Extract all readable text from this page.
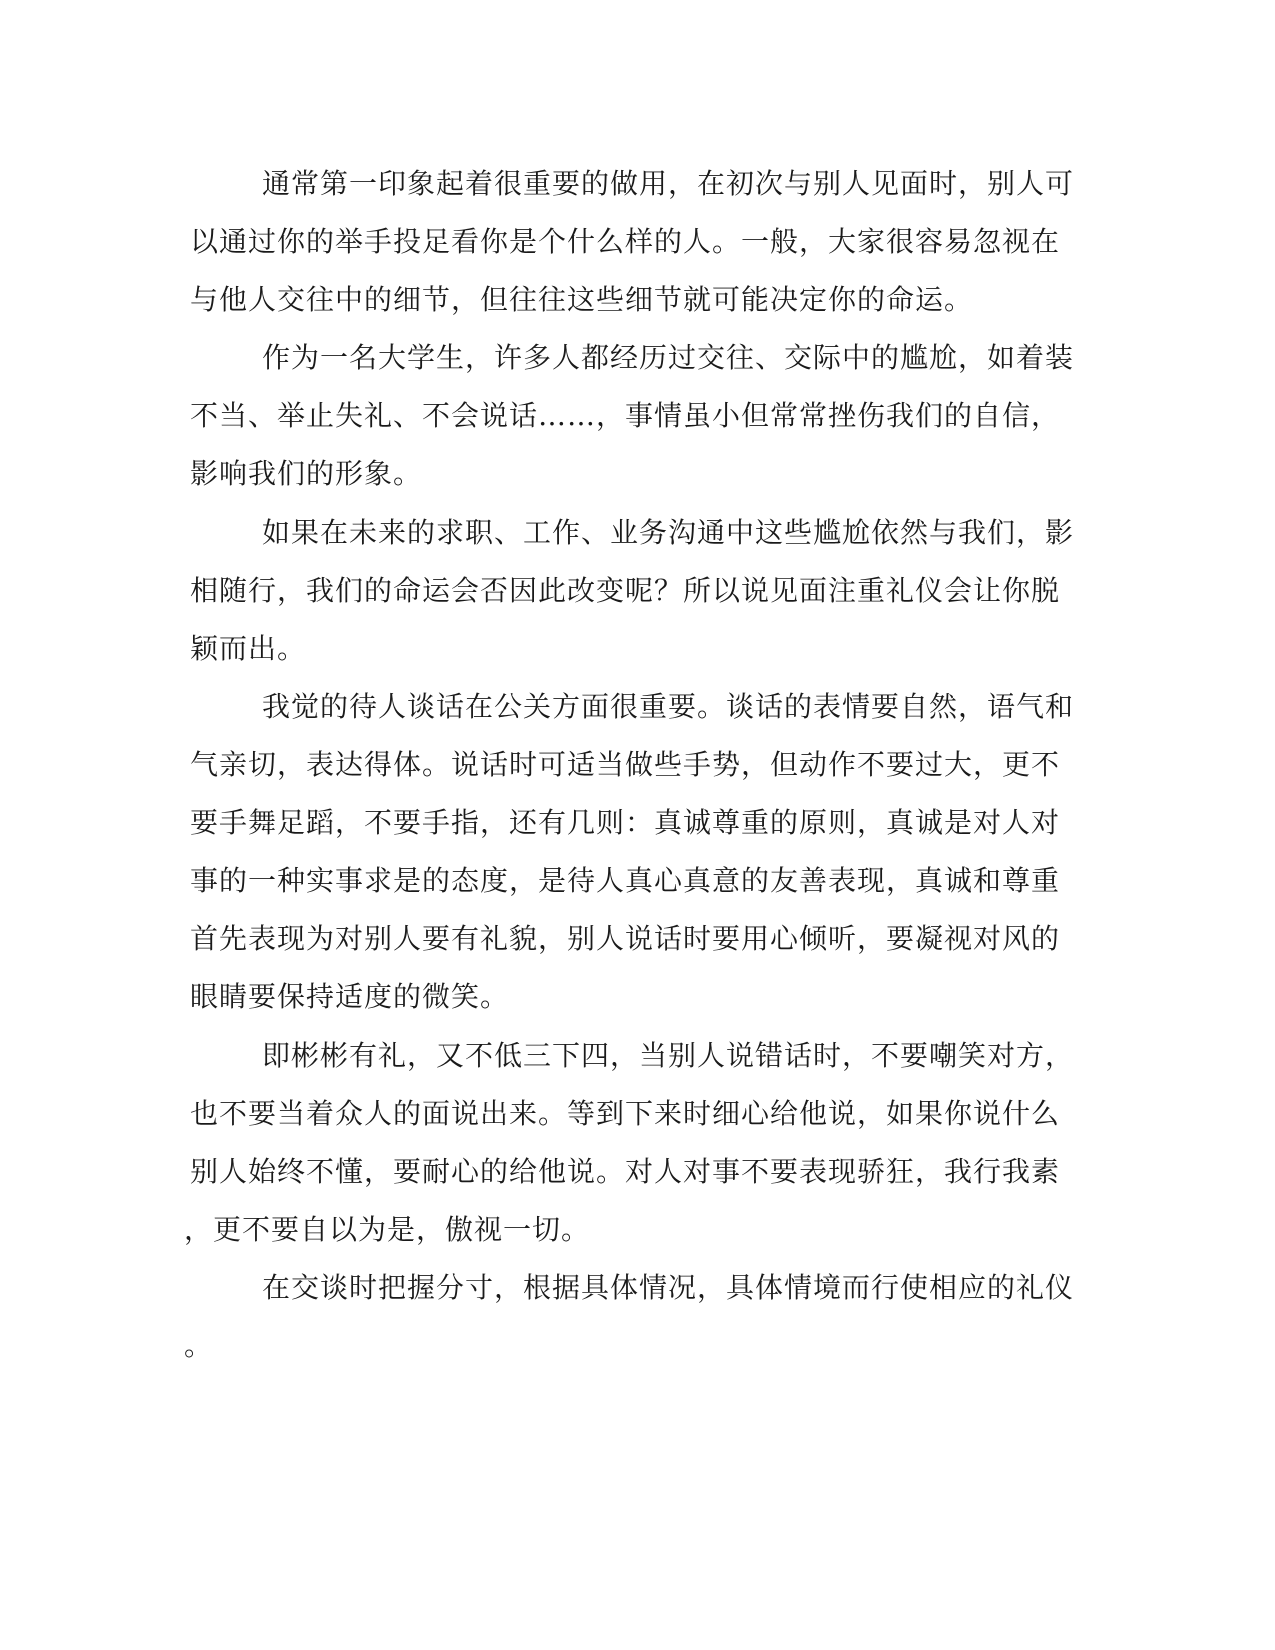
通常第一印象起着很重要的做用，在初次与别人见面时，别人可
以通过你的举手投足看你是个什么样的人。一般，大家很容易忽视在
与他人交往中的细节，但往往这些细节就可能决定你的命运。
作为一名大学生，许多人都经历过交往、交际中的尴尬，如着装
不当、举止失礼、不会说话……，事情虽小但常常挫伤我们的自信，
影响我们的形象。
如果在未来的求职、工作、业务沟通中这些尴尬依然与我们，影
相随行，我们的命运会否因此改变呢？所以说见面注重礼仪会让你脱
颖而出。
我觉的待人谈话在公关方面很重要。谈话的表情要自然，语气和
气亲切，表达得体。说话时可适当做些手势，但动作不要过大，更不
要手舞足蹈，不要手指，还有几则：真诚尊重的原则，真诚是对人对
事的一种实事求是的态度，是待人真心真意的友善表现，真诚和尊重
首先表现为对别人要有礼貌，别人说话时要用心倾听，要凝视对风的
眼睛要保持适度的微笑。
即彬彬有礼，又不低三下四，当别人说错话时，不要嘲笑对方，
也不要当着众人的面说出来。等到下来时细心给他说，如果你说什么
别人始终不懂，要耐心的给他说。对人对事不要表现骄狂，我行我素
，更不要自以为是，傲视一切。
在交谈时把握分寸，根据具体情况，具体情境而行使相应的礼仪
。
